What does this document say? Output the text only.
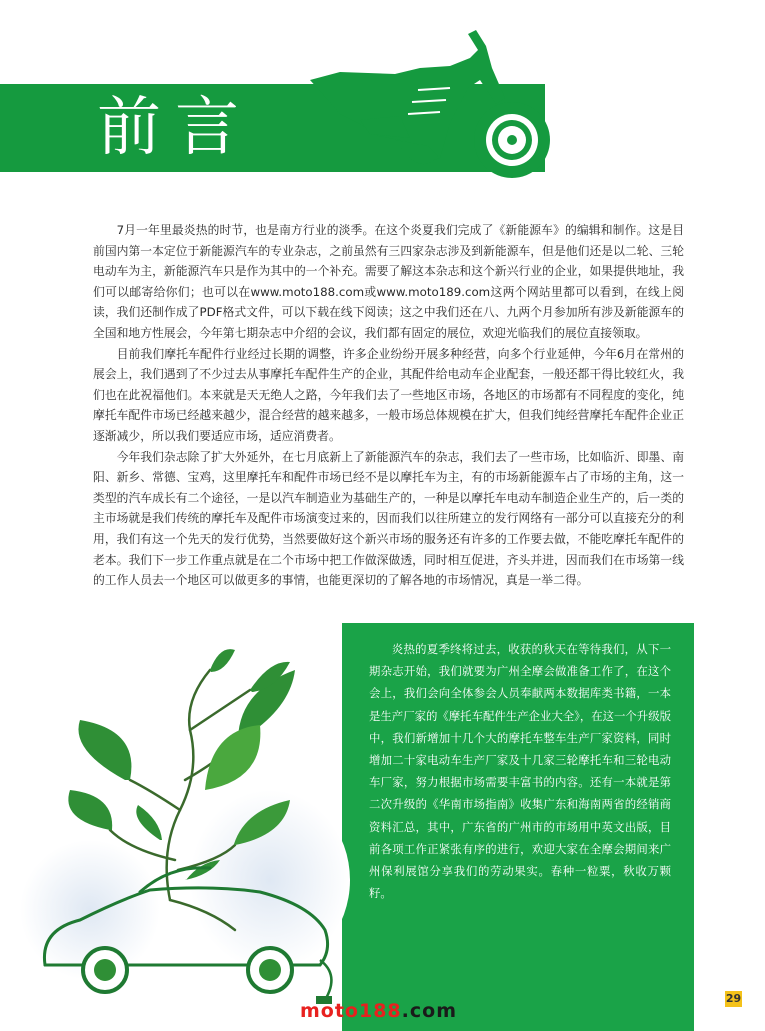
前言

7月一年里最炎热的时节，也是南方行业的淡季。在这个炎夏我们完成了《新能源车》的编辑和制作。这是目前国内第一本定位于新能源汽车的专业杂志，之前虽然有三四家杂志涉及到新能源车，但是他们还是以二轮、三轮电动车为主，新能源汽车只是作为其中的一个补充。需要了解这本杂志和这个新兴行业的企业，如果提供地址，我们可以邮寄给你们；也可以在www.moto188.com或www.moto189.com这两个网站里都可以看到，在线上阅读，我们还制作成了PDF格式文件，可以下载在线下阅读；这之中我们还在八、九两个月参加所有涉及新能源车的全国和地方性展会，今年第七期杂志中介绍的会议，我们都有固定的展位，欢迎光临我们的展位直接领取。

目前我们摩托车配件行业经过长期的调整，许多企业纷纷开展多种经营，向多个行业延伸，今年6月在常州的展会上，我们遇到了不少过去从事摩托车配件生产的企业，其配件给电动车企业配套，一般还都干得比较红火，我们也在此祝福他们。本来就是天无绝人之路，今年我们去了一些地区市场，各地区的市场都有不同程度的变化，纯摩托车配件市场已经越来越少，混合经营的越来越多，一般市场总体规模在扩大，但我们纯经营摩托车配件企业正逐渐减少，所以我们要适应市场，适应消费者。

今年我们杂志除了扩大外延外，在七月底新上了新能源汽车的杂志，我们去了一些市场，比如临沂、即墨、南阳、新乡、常德、宝鸡，这里摩托车和配件市场已经不是以摩托车为主，有的市场新能源车占了市场的主角，这一类型的汽车成长有二个途径，一是以汽车制造业为基础生产的，一种是以摩托车电动车制造企业生产的，后一类的主市场就是我们传统的摩托车及配件市场演变过来的，因而我们以往所建立的发行网络有一部分可以直接充分的利用，我们有这一个先天的发行优势，当然要做好这个新兴市场的服务还有许多的工作要去做，不能吃摩托车配件的老本。我们下一步工作重点就是在二个市场中把工作做深做透，同时相互促进，齐头并进，因而我们在市场第一线的工作人员去一个地区可以做更多的事情，也能更深切的了解各地的市场情况，真是一举二得。

炎热的夏季终将过去，收获的秋天在等待我们，从下一期杂志开始，我们就要为广州全摩会做准备工作了，在这个会上，我们会向全体参会人员奉献两本数据库类书籍，一本是生产厂家的《摩托车配件生产企业大全》，在这一个升级版中，我们新增加十几个大的摩托车整车生产厂家资料，同时增加二十家电动车生产厂家及十几家三轮摩托车和三轮电动车厂家，努力根据市场需要丰富书的内容。还有一本就是第二次升级的《华南市场指南》收集广东和海南两省的经销商资料汇总，其中，广东省的广州市的市场用中英文出版，目前各项工作正紧张有序的进行，欢迎大家在全摩会期间来广州保利展馆分享我们的劳动果实。春种一粒粟，秋收万颗籽。

moto188.com
29
